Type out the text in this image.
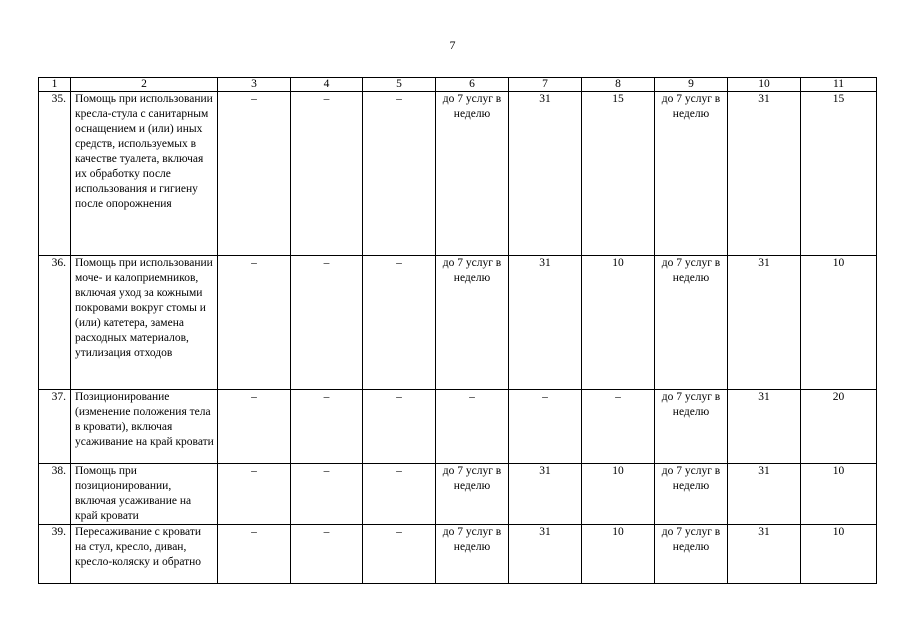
7
1	2	3	4	5	6	7	8	9	10	11
35.	Помощь при использовании кресла-стула с санитарным оснащением и (или) иных средств, используемых в качестве туалета, включая их обработку после использования и гигиену после опорожнения	–	–	–	до 7 услуг в неделю	31	15	до 7 услуг в неделю	31	15
36.	Помощь при использовании моче- и калоприемников, включая уход за кожными покровами вокруг стомы и (или) катетера, замена расходных материалов, утилизация отходов	–	–	–	до 7 услуг в неделю	31	10	до 7 услуг в неделю	31	10
37.	Позиционирование (изменение положения тела в кровати), включая усаживание на край кровати	–	–	–	–	–	–	до 7 услуг в неделю	31	20
38.	Помощь при позиционировании, включая усаживание на край кровати	–	–	–	до 7 услуг в неделю	31	10	до 7 услуг в неделю	31	10
39.	Пересаживание с кровати на стул, кресло, диван, кресло-коляску и обратно	–	–	–	до 7 услуг в неделю	31	10	до 7 услуг в неделю	31	10
